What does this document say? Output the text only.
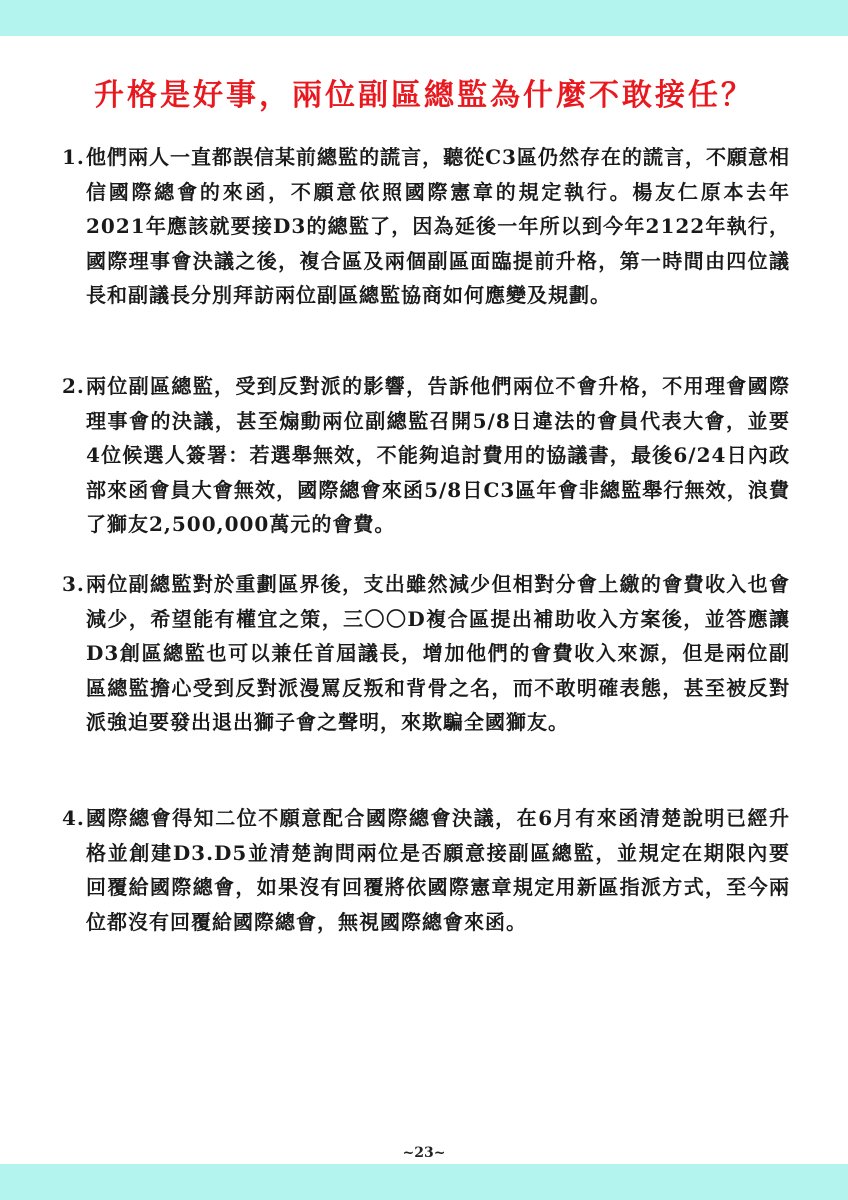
升格是好事，兩位副區總監為什麼不敢接任？
1. 他們兩人一直都誤信某前總監的謊言，聽從C3區仍然存在的謊言，不願意相信國際總會的來函，不願意依照國際憲章的規定執行。楊友仁原本去年2021年應該就要接D3的總監了，因為延後一年所以到今年2122年執行，國際理事會決議之後，複合區及兩個副區面臨提前升格，第一時間由四位議長和副議長分別拜訪兩位副區總監協商如何應變及規劃。
2. 兩位副區總監，受到反對派的影響，告訴他們兩位不會升格，不用理會國際理事會的決議，甚至煽動兩位副總監召開5/8日違法的會員代表大會，並要4位候選人簽署：若選舉無效，不能夠追討費用的協議書，最後6/24日內政部來函會員大會無效，國際總會來函5/8日C3區年會非總監舉行無效，浪費了獅友2,500,000萬元的會費。
3. 兩位副總監對於重劃區界後，支出雖然減少但相對分會上繳的會費收入也會減少，希望能有權宜之策，三〇〇D複合區提出補助收入方案後，並答應讓D3創區總監也可以兼任首屆議長，增加他們的會費收入來源，但是兩位副區總監擔心受到反對派漫罵反叛和背骨之名，而不敢明確表態，甚至被反對派強迫要發出退出獅子會之聲明，來欺騙全國獅友。
4. 國際總會得知二位不願意配合國際總會決議，在6月有來函清楚說明已經升格並創建D3.D5並清楚詢問兩位是否願意接副區總監，並規定在期限內要回覆給國際總會，如果沒有回覆將依國際憲章規定用新區指派方式，至今兩位都沒有回覆給國際總會，無視國際總會來函。
~23~
